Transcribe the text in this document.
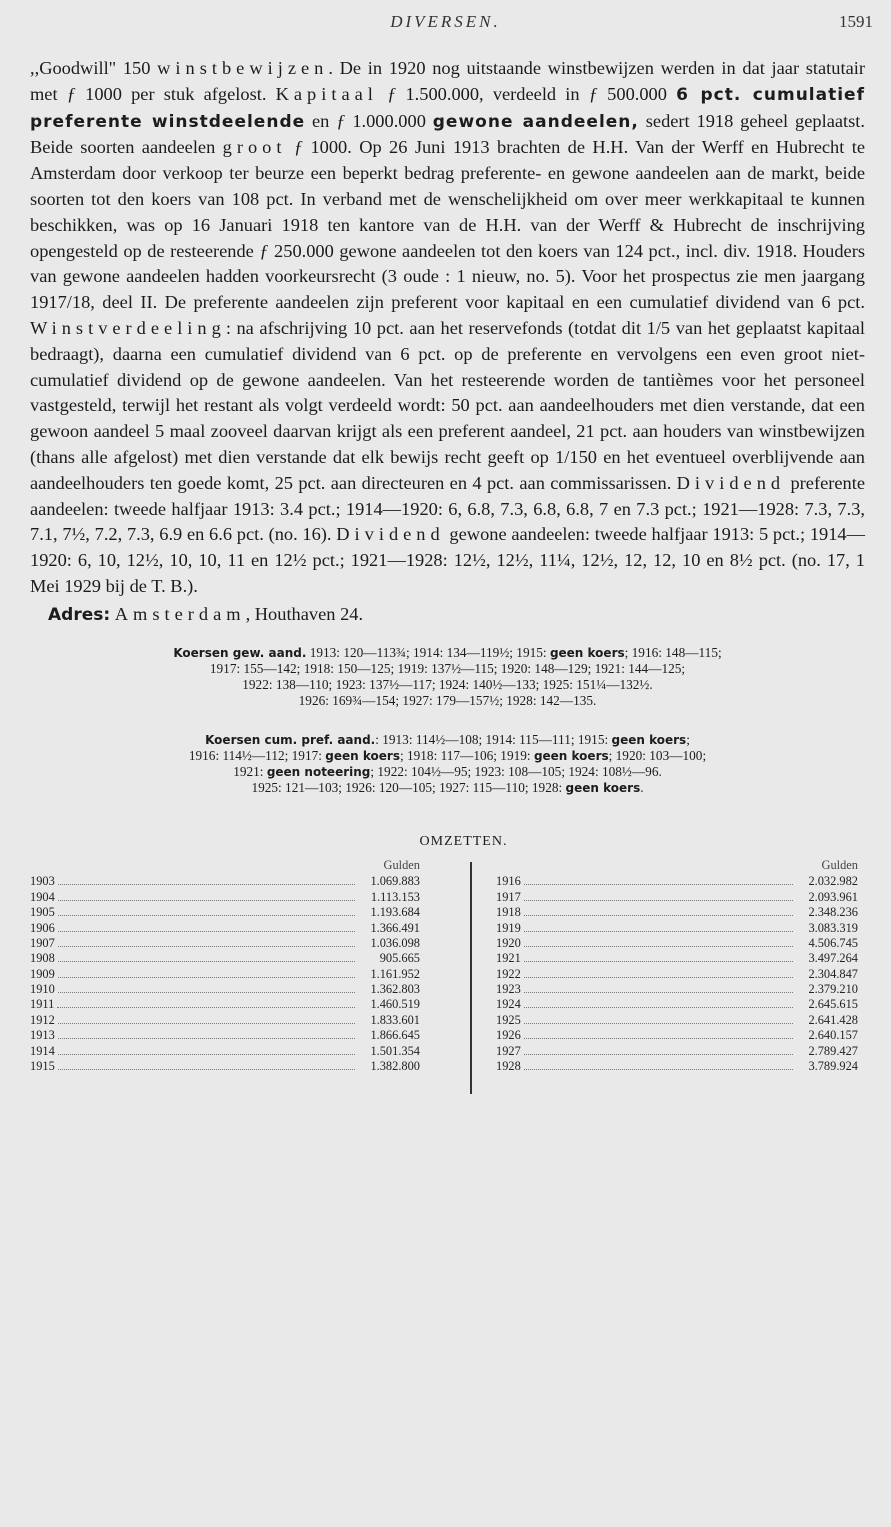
DIVERSEN.	1591

,,Goodwill" 150 winstbewijzen. De in 1920 nog uitstaande winstbewijzen werden in dat jaar statutair met ƒ 1000 per stuk afgelost. Kapitaal ƒ 1.500.000, verdeeld in ƒ 500.000 6 pct. cumulatief preferente winstdeelende en ƒ 1.000.000 gewone aandeelen, sedert 1918 geheel geplaatst. Beide soorten aandeelen groot ƒ 1000. Op 26 Juni 1913 brachten de H.H. Van der Werff en Hubrecht te Amsterdam door verkoop ter beurze een beperkt bedrag preferente- en gewone aandeelen aan de markt, beide soorten tot den koers van 108 pct. In verband met de wenschelijkheid om over meer werkkapitaal te kunnen beschikken, was op 16 Januari 1918 ten kantore van de H.H. van der Werff & Hubrecht de inschrijving opengesteld op de resteerende ƒ 250.000 gewone aandeelen tot den koers van 124 pct., incl. div. 1918. Houders van gewone aandeelen hadden voorkeursrecht (3 oude : 1 nieuw, no. 5). Voor het prospectus zie men jaargang 1917/18, deel II. De preferente aandeelen zijn preferent voor kapitaal en een cumulatief dividend van 6 pct. Winstverdeeling: na afschrijving 10 pct. aan het reservefonds (totdat dit 1/5 van het geplaatst kapitaal bedraagt), daarna een cumulatief dividend van 6 pct. op de preferente en vervolgens een even groot niet-cumulatief dividend op de gewone aandeelen. Van het resteerende worden de tantièmes voor het personeel vastgesteld, terwijl het restant als volgt verdeeld wordt: 50 pct. aan aandeelhouders met dien verstande, dat een gewoon aandeel 5 maal zooveel daarvan krijgt als een preferent aandeel, 21 pct. aan houders van winstbewijzen (thans alle afgelost) met dien verstande dat elk bewijs recht geeft op 1/150 en het eventueel overblijvende aan aandeelhouders ten goede komt, 25 pct. aan directeuren en 4 pct. aan commissarissen. Dividend preferente aandeelen: tweede halfjaar 1913: 3.4 pct.; 1914—1920: 6, 6.8, 7.3, 6.8, 6.8, 7 en 7.3 pct.; 1921—1928: 7.3, 7.3, 7.1, 7½, 7.2, 7.3, 6.9 en 6.6 pct. (no. 16). Dividend gewone aandeelen: tweede halfjaar 1913: 5 pct.; 1914—1920: 6, 10, 12½, 10, 10, 11 en 12½ pct.; 1921—1928: 12½, 12½, 11¼, 12½, 12, 12, 10 en 8½ pct. (no. 17, 1 Mei 1929 bij de T. B.).

Adres: Amsterdam, Houthaven 24.

Koersen gew. aand. 1913: 120—113¾; 1914: 134—119½; 1915: geen koers; 1916: 148—115;
1917: 155—142; 1918: 150—125; 1919: 137½—115; 1920: 148—129; 1921: 144—125;
1922: 138—110; 1923: 137½—117; 1924: 140½—133; 1925: 151¼—132½.
1926: 169¾—154; 1927: 179—157½; 1928: 142—135.

Koersen cum. pref. aand.: 1913: 114½—108; 1914: 115—111; 1915: geen koers;
1916: 114½—112; 1917: geen koers; 1918: 117—106; 1919: geen koers; 1920: 103—100;
1921: geen noteering; 1922: 104½—95; 1923: 108—105; 1924: 108½—96.
1925: 121—103; 1926: 120—105; 1927: 115—110; 1928: geen koers.

OMZETTEN.
Gulden
1903	1.069.883
1904	1.113.153
1905	1.193.684
1906	1.366.491
1907	1.036.098
1908	905.665
1909	1.161.952
1910	1.362.803
1911	1.460.519
1912	1.833.601
1913	1.866.645
1914	1.501.354
1915	1.382.800
Gulden
1916	2.032.982
1917	2.093.961
1918	2.348.236
1919	3.083.319
1920	4.506.745
1921	3.497.264
1922	2.304.847
1923	2.379.210
1924	2.645.615
1925	2.641.428
1926	2.640.157
1927	2.789.427
1928	3.789.924
